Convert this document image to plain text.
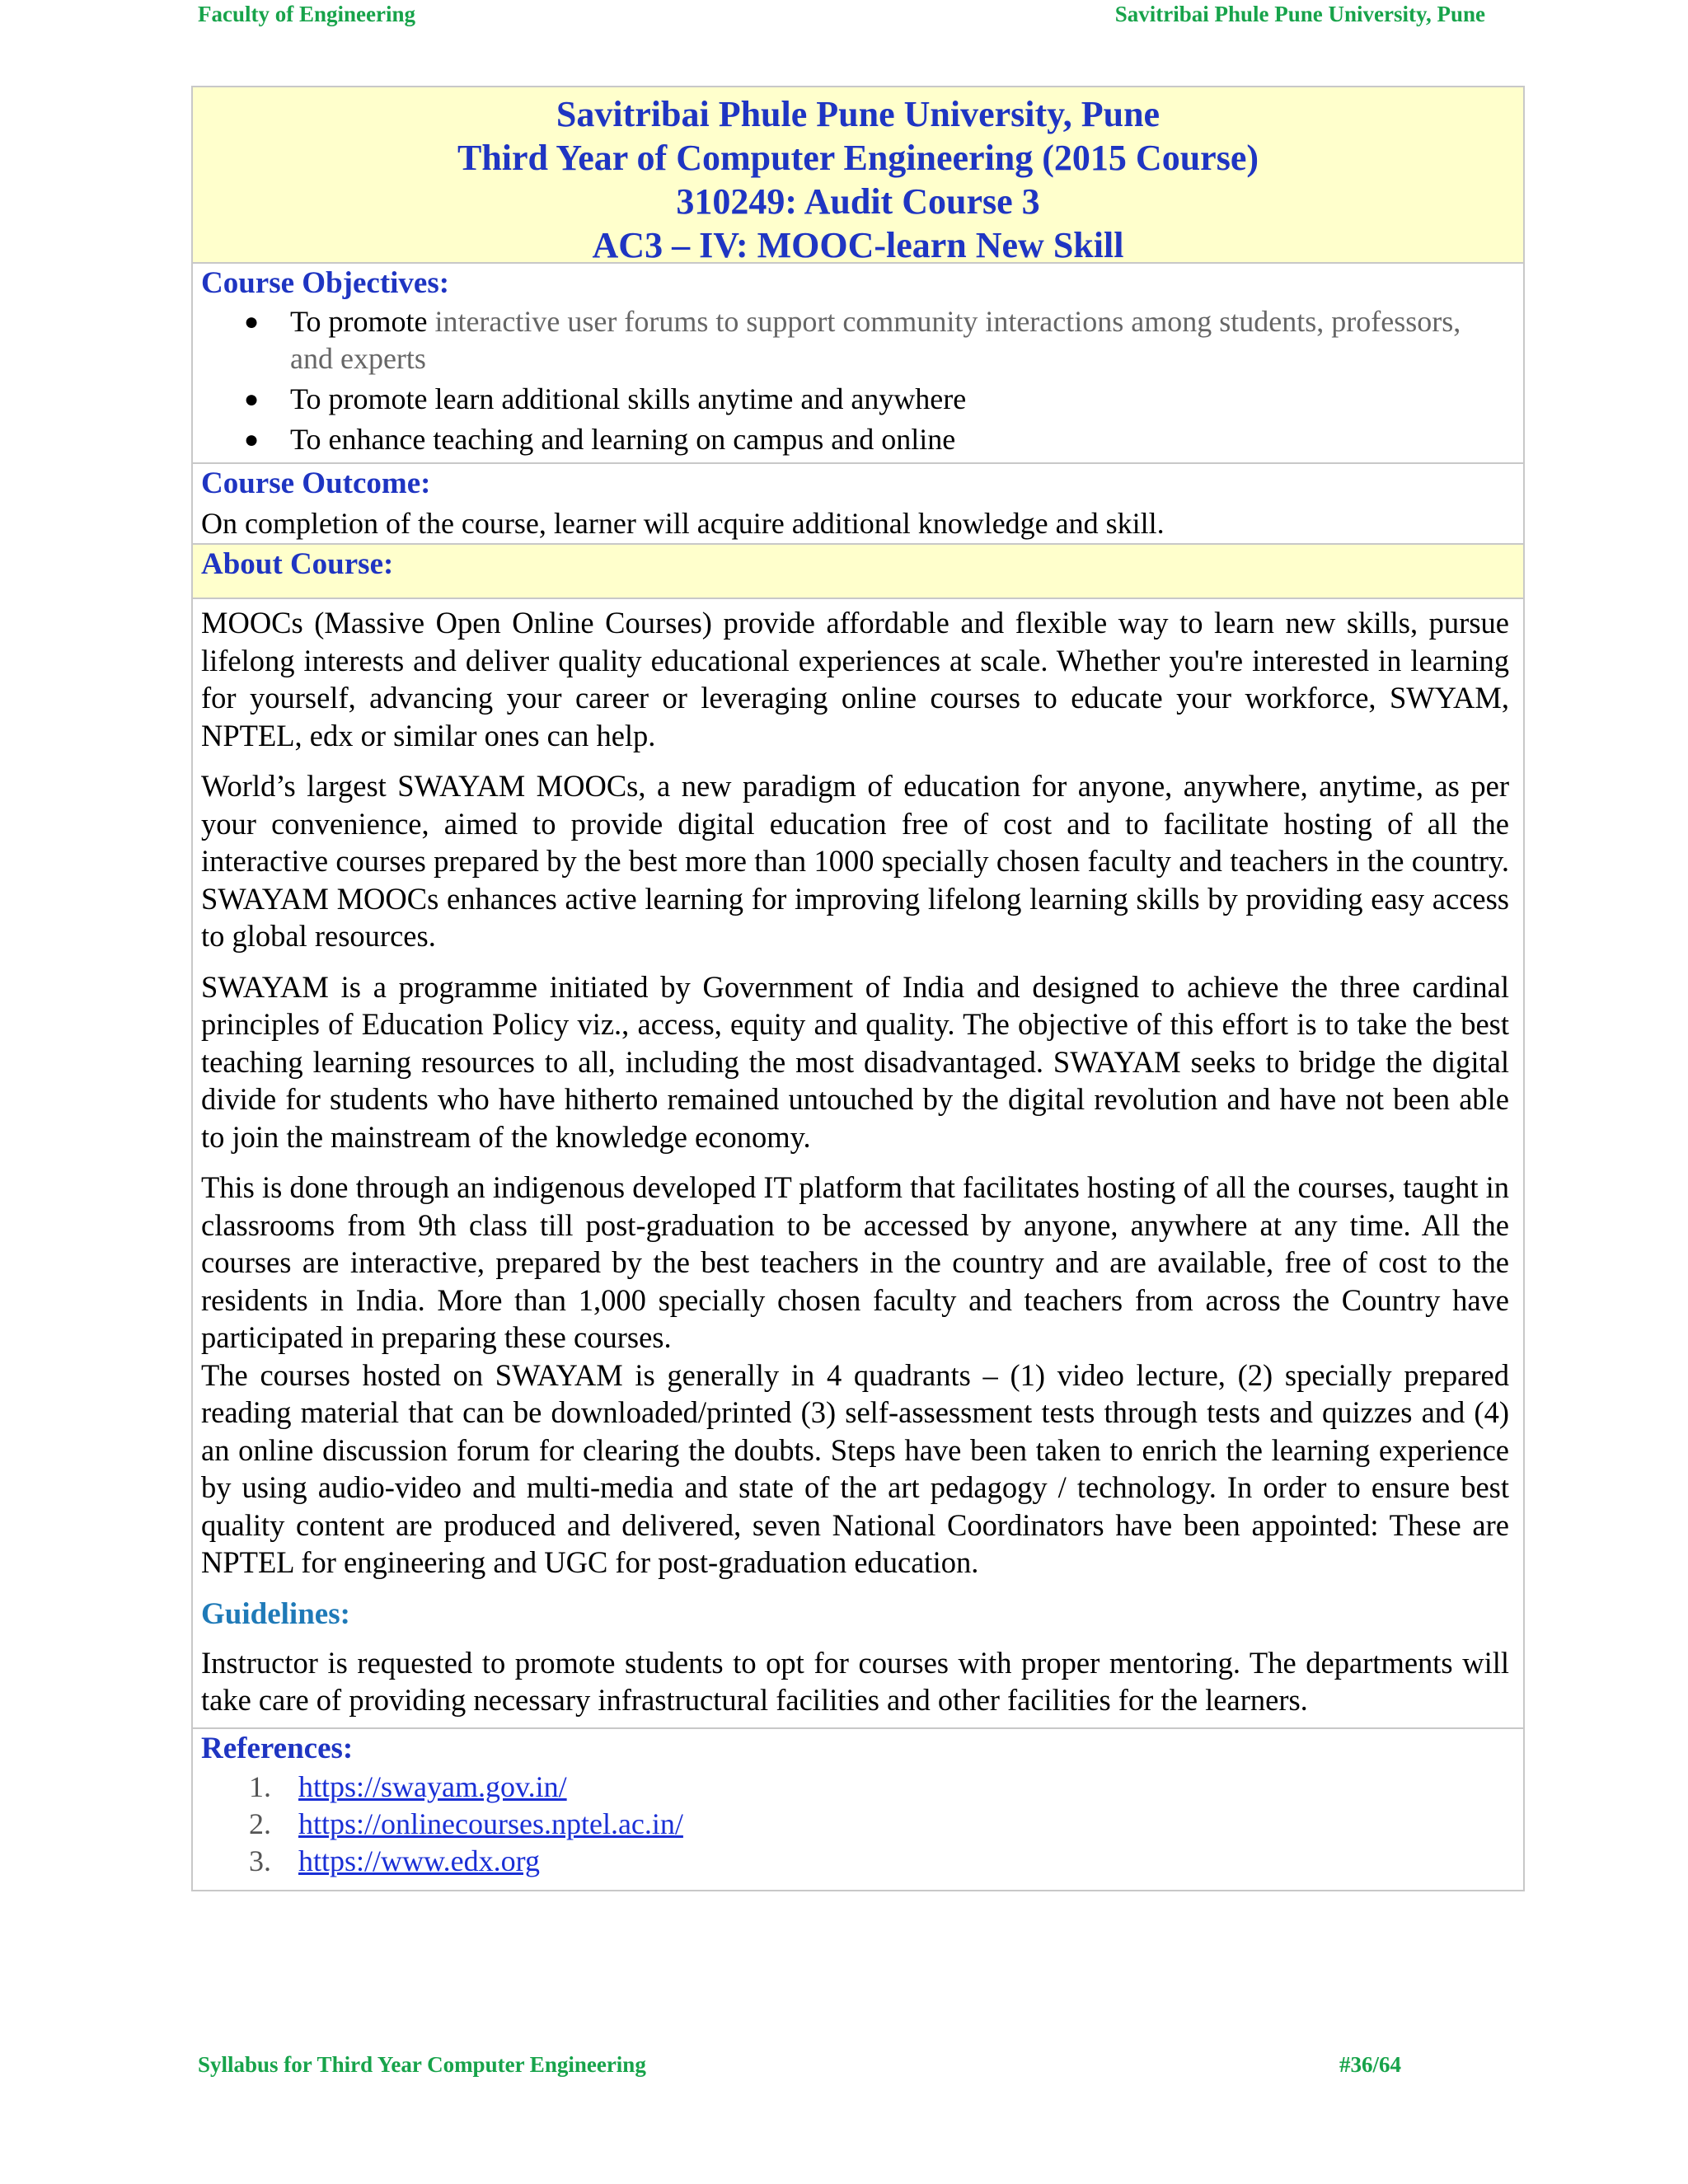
Faculty of Engineering	Savitribai Phule Pune University, Pune
Savitribai Phule Pune University, Pune
Third Year of Computer Engineering (2015 Course)
310249: Audit Course 3
AC3 – IV: MOOC-learn New Skill
Course Objectives:
● To promote interactive user forums to support community interactions among students, professors, and experts
● To promote learn additional skills anytime and anywhere
● To enhance teaching and learning on campus and online
Course Outcome:

On completion of the course, learner will acquire additional knowledge and skill.

About Course:

MOOCs (Massive Open Online Courses) provide affordable and flexible way to learn new skills, pursue lifelong interests and deliver quality educational experiences at scale. Whether you're interested in learning for yourself, advancing your career or leveraging online courses to educate your workforce, SWYAM, NPTEL, edx or similar ones can help.

World’s largest SWAYAM MOOCs, a new paradigm of education for anyone, anywhere, anytime, as per your convenience, aimed to provide digital education free of cost and to facilitate hosting of all the interactive courses prepared by the best more than 1000 specially chosen faculty and teachers in the country. SWAYAM MOOCs enhances active learning for improving lifelong learning skills by providing easy access to global resources.

SWAYAM is a programme initiated by Government of India and designed to achieve the three cardinal principles of Education Policy viz., access, equity and quality. The objective of this effort is to take the best teaching learning resources to all, including the most disadvantaged. SWAYAM seeks to bridge the digital divide for students who have hitherto remained untouched by the digital revolution and have not been able to join the mainstream of the knowledge economy.

This is done through an indigenous developed IT platform that facilitates hosting of all the courses, taught in classrooms from 9th class till post-graduation to be accessed by anyone, anywhere at any time. All the courses are interactive, prepared by the best teachers in the country and are available, free of cost to the residents in India. More than 1,000 specially chosen faculty and teachers from across the Country have participated in preparing these courses.

The courses hosted on SWAYAM is generally in 4 quadrants – (1) video lecture, (2) specially prepared reading material that can be downloaded/printed (3) self-assessment tests through tests and quizzes and (4) an online discussion forum for clearing the doubts. Steps have been taken to enrich the learning experience by using audio-video and multi-media and state of the art pedagogy / technology. In order to ensure best quality content are produced and delivered, seven National Coordinators have been appointed: These are NPTEL for engineering and UGC for post-graduation education.

Guidelines:

Instructor is requested to promote students to opt for courses with proper mentoring. The departments will take care of providing necessary infrastructural facilities and other facilities for the learners.

References:
1. https://swayam.gov.in/
2. https://onlinecourses.nptel.ac.in/
3. https://www.edx.org
Syllabus for Third Year Computer Engineering	#36/64
